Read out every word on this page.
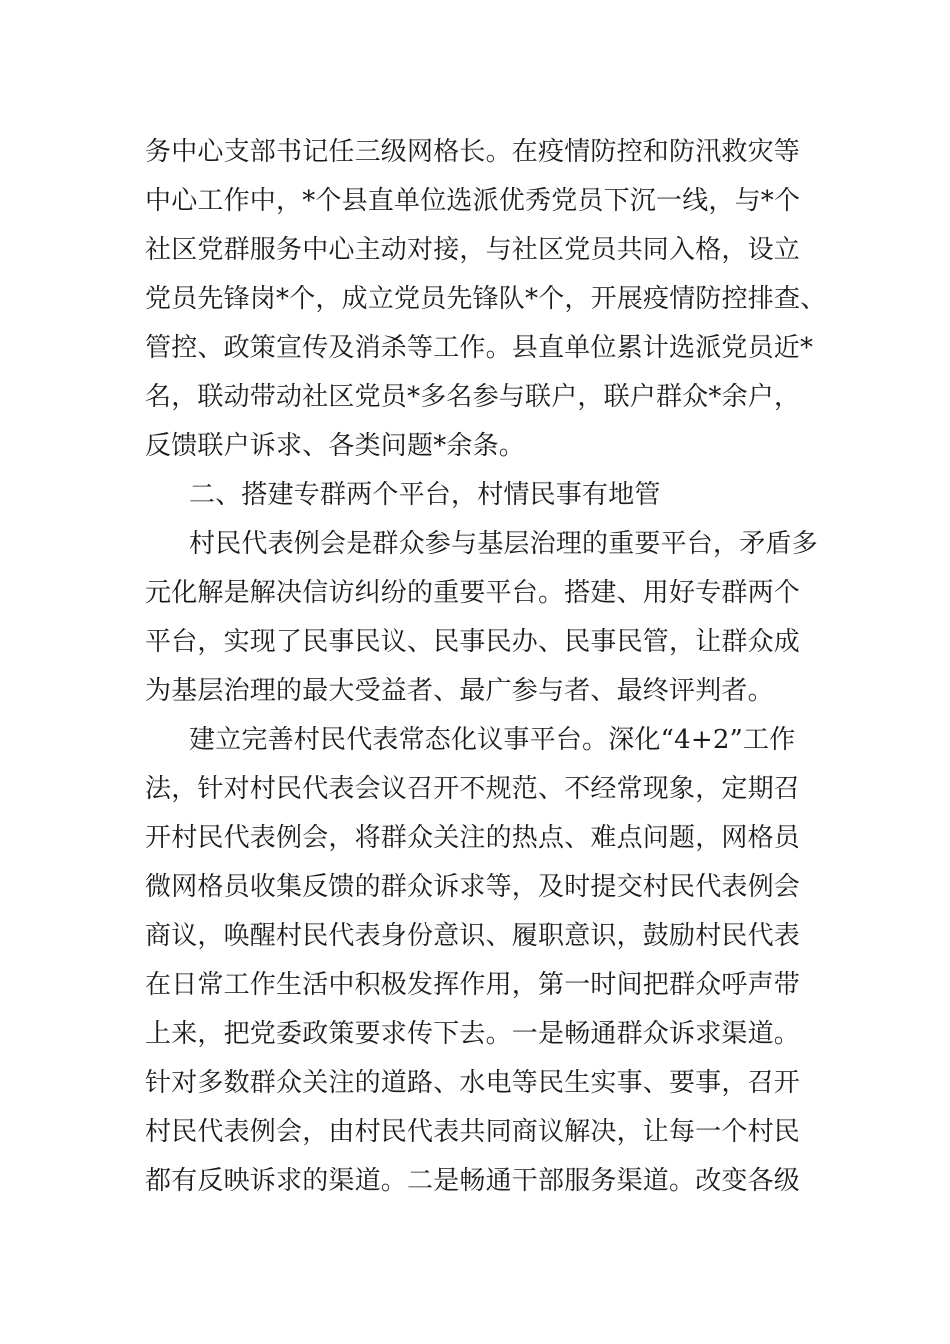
务中心支部书记任三级网格长。在疫情防控和防汛救灾等
中心工作中，*个县直单位选派优秀党员下沉一线，与*个
社区党群服务中心主动对接，与社区党员共同入格，设立
党员先锋岗*个，成立党员先锋队*个，开展疫情防控排查、
管控、政策宣传及消杀等工作。县直单位累计选派党员近*
名，联动带动社区党员*多名参与联户，联户群众*余户，
反馈联户诉求、各类问题*余条。
二、搭建专群两个平台，村情民事有地管
村民代表例会是群众参与基层治理的重要平台，矛盾多
元化解是解决信访纠纷的重要平台。搭建、用好专群两个
平台，实现了民事民议、民事民办、民事民管，让群众成
为基层治理的最大受益者、最广参与者、最终评判者。
建立完善村民代表常态化议事平台。深化“4+2”工作
法，针对村民代表会议召开不规范、不经常现象，定期召
开村民代表例会，将群众关注的热点、难点问题，网格员
微网格员收集反馈的群众诉求等，及时提交村民代表例会
商议，唤醒村民代表身份意识、履职意识，鼓励村民代表
在日常工作生活中积极发挥作用，第一时间把群众呼声带
上来，把党委政策要求传下去。一是畅通群众诉求渠道。
针对多数群众关注的道路、水电等民生实事、要事，召开
村民代表例会，由村民代表共同商议解决，让每一个村民
都有反映诉求的渠道。二是畅通干部服务渠道。改变各级
